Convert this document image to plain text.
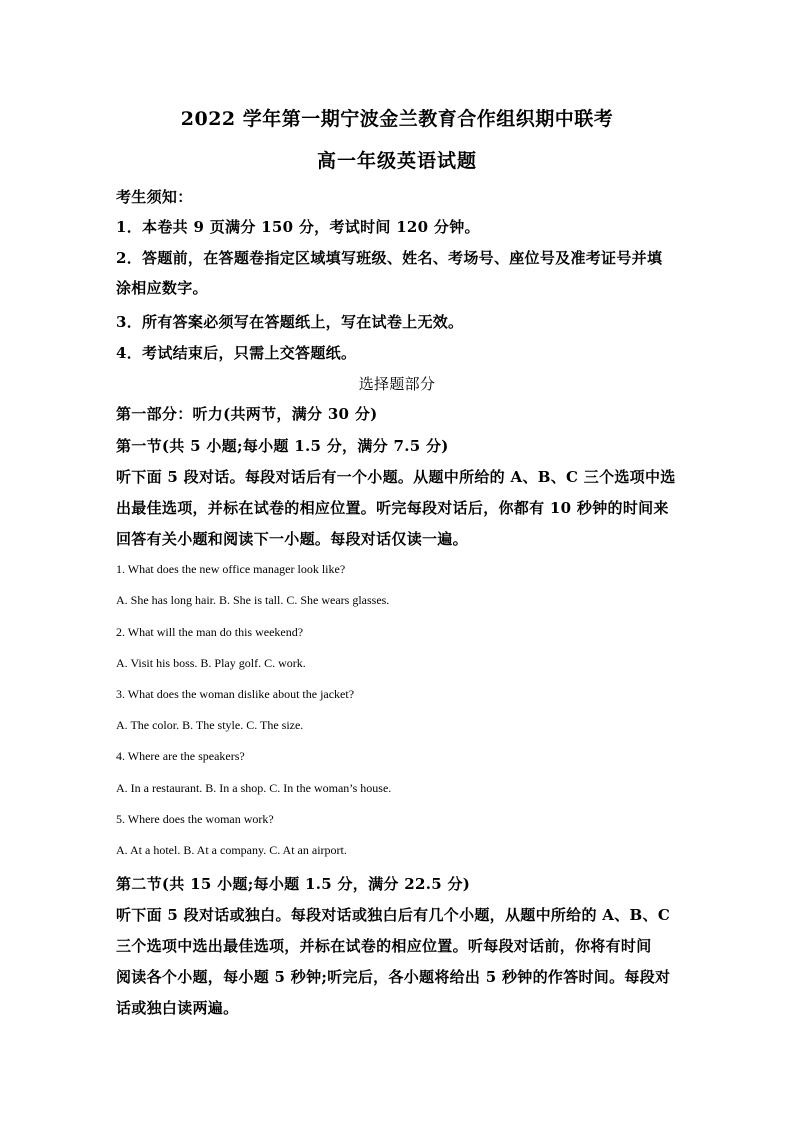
2022 学年第一期宁波金兰教育合作组织期中联考
高一年级英语试题
考生须知：
1．本卷共 9 页满分 150 分，考试时间 120 分钟。
2．答题前，在答题卷指定区域填写班级、姓名、考场号、座位号及准考证号并填
涂相应数字。
3．所有答案必须写在答题纸上，写在试卷上无效。
4．考试结束后，只需上交答题纸。
选择题部分
第一部分：听力(共两节，满分 30 分)
第一节(共 5 小题;每小题 1.5 分，满分 7.5 分)
听下面 5 段对话。每段对话后有一个小题。从题中所给的 A、B、C 三个选项中选
出最佳选项，并标在试卷的相应位置。听完每段对话后，你都有 10 秒钟的时间来
回答有关小题和阅读下一小题。每段对话仅读一遍。
1. What does the new office manager look like?
A. She has long hair. B. She is tall. C. She wears glasses.
2. What will the man do this weekend?
A. Visit his boss. B. Play golf. C. work.
3. What does the woman dislike about the jacket?
A. The color. B. The style. C. The size.
4. Where are the speakers?
A. In a restaurant. B. In a shop. C. In the woman’s house.
5. Where does the woman work?
A. At a hotel. B. At a company. C. At an airport.
第二节(共 15 小题;每小题 1.5 分，满分 22.5 分)
听下面 5 段对话或独白。每段对话或独白后有几个小题，从题中所给的 A、B、C
三个选项中选出最佳选项，并标在试卷的相应位置。听每段对话前，你将有时间
阅读各个小题，每小题 5 秒钟;听完后，各小题将给出 5 秒钟的作答时间。每段对
话或独白读两遍。
